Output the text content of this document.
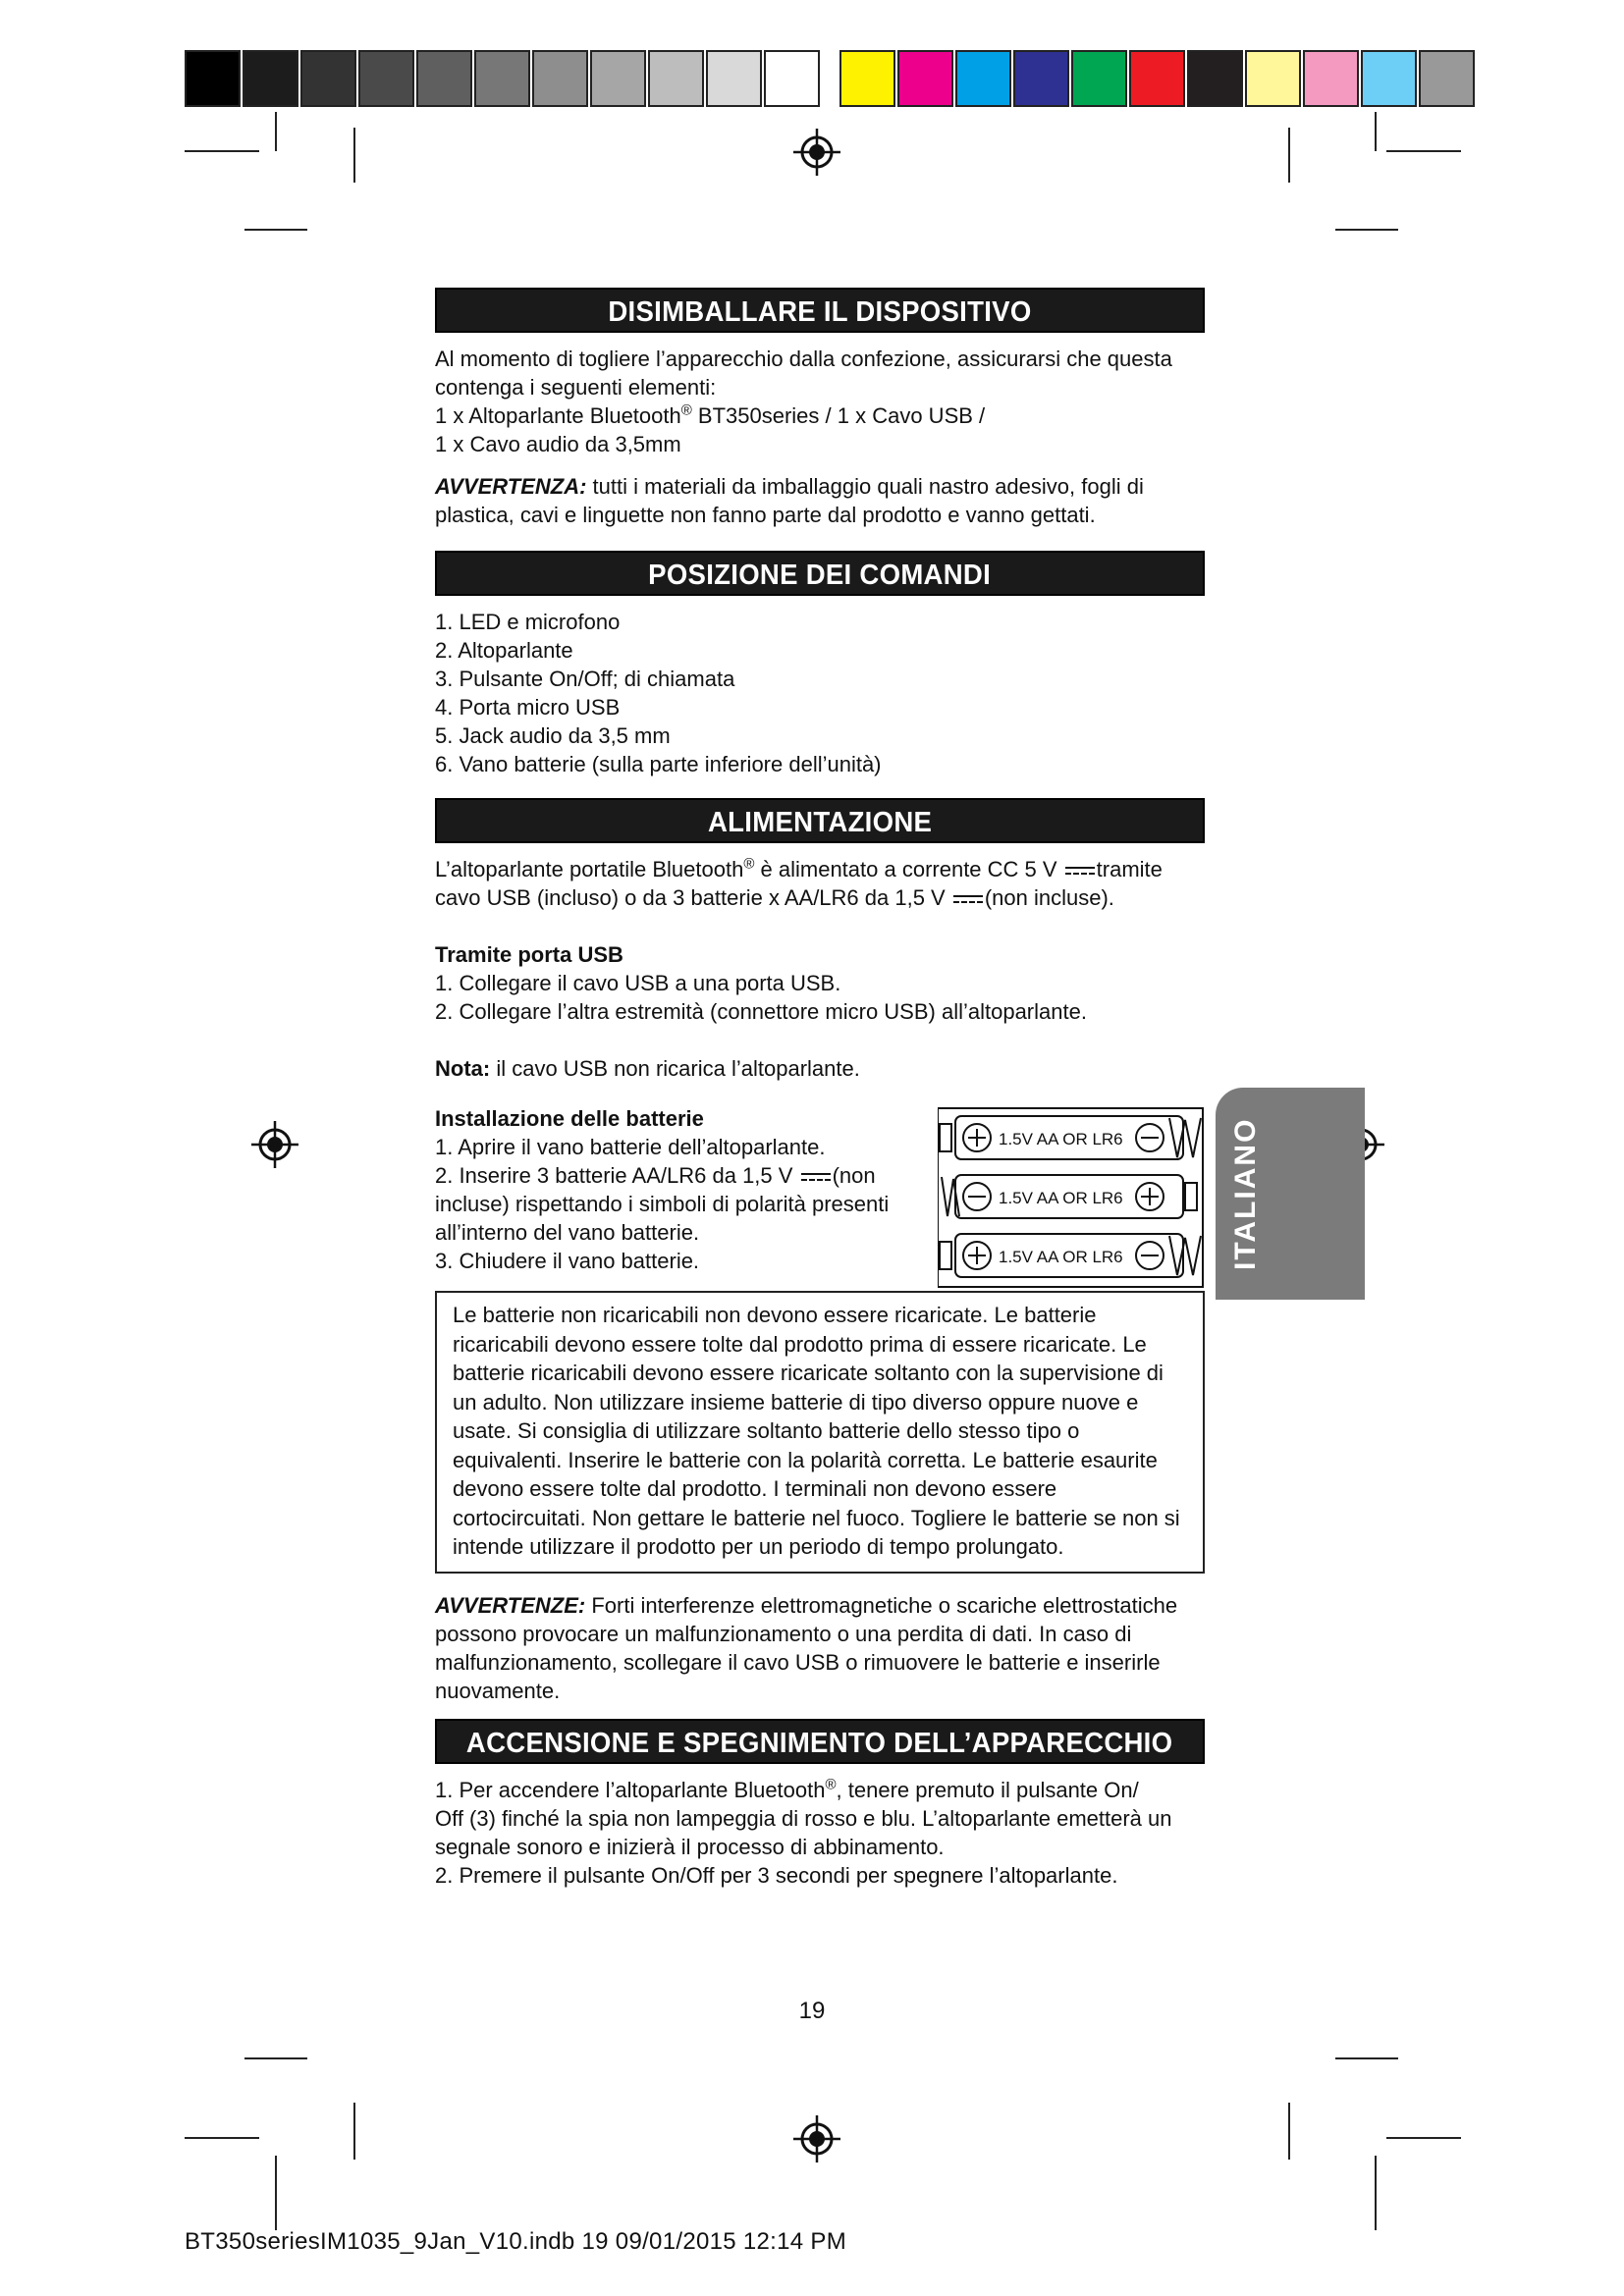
ITALIANO
DISIMBALLARE IL DISPOSITIVO

Al momento di togliere l’apparecchio dalla confezione, assicurarsi che questa

contenga i seguenti elementi:

1 x Altoparlante Bluetooth® BT350series / 1 x Cavo USB /

1 x Cavo audio da 3,5mm

AVVERTENZA: tutti i materiali da imballaggio quali nastro adesivo, fogli di

plastica, cavi e linguette non fanno parte dal prodotto e vanno gettati.

POSIZIONE DEI COMANDI
1. LED e microfono
2. Altoparlante
3. Pulsante On/Off; di chiamata
4. Porta micro USB
5. Jack audio da 3,5 mm
6. Vano batterie (sulla parte inferiore dell’unità)
ALIMENTAZIONE

L’altoparlante portatile Bluetooth® è alimentato a corrente CC 5 V tramite

cavo USB (incluso) o da 3 batterie x AA/LR6 da 1,5 V (non incluse).

Tramite porta USB

1. Collegare il cavo USB a una porta USB.
2. Collegare l’altra estremità (connettore micro USB) all’altoparlante.

Nota: il cavo USB non ricarica l’altoparlante.

Installazione delle batterie

1. Aprire il vano batterie dell’altoparlante.

2. Inserire 3 batterie AA/LR6 da 1,5 V (non

incluse) rispettando i simboli di polarità presenti

all’interno del vano batterie.

3. Chiudere il vano batterie.

1.5V AA OR LR6
1.5V AA OR LR6
1.5V AA OR LR6

Le batterie non ricaricabili non devono essere ricaricate. Le batterie ricaricabili devono essere tolte dal prodotto prima di essere ricaricate. Le batterie ricaricabili devono essere ricaricate soltanto con la supervisione di un adulto. Non utilizzare insieme batterie di tipo diverso oppure nuove e usate. Si consiglia di utilizzare soltanto batterie dello stesso tipo o equivalenti. Inserire le batterie con la polarità corretta. Le batterie esaurite devono essere tolte dal prodotto. I terminali non devono essere cortocircuitati. Non gettare le batterie nel fuoco. Togliere le batterie se non si intende utilizzare il prodotto per un periodo di tempo prolungato.

AVVERTENZE: Forti interferenze elettromagnetiche o scariche elettrostatiche possono provocare un malfunzionamento o una perdita di dati. In caso di malfunzionamento, scollegare il cavo USB o rimuovere le batterie e inserirle nuovamente.

ACCENSIONE E SPEGNIMENTO DELL’APPARECCHIO

1. Per accendere l’altoparlante Bluetooth®, tenere premuto il pulsante On/

Off (3) finché la spia non lampeggia di rosso e blu. L’altoparlante emetterà un

segnale sonoro e inizierà il processo di abbinamento.

2. Premere il pulsante On/Off per 3 secondi per spegnere l’altoparlante.

19
BT350seriesIM1035_9Jan_V10.indb 19 09/01/2015 12:14 PM
